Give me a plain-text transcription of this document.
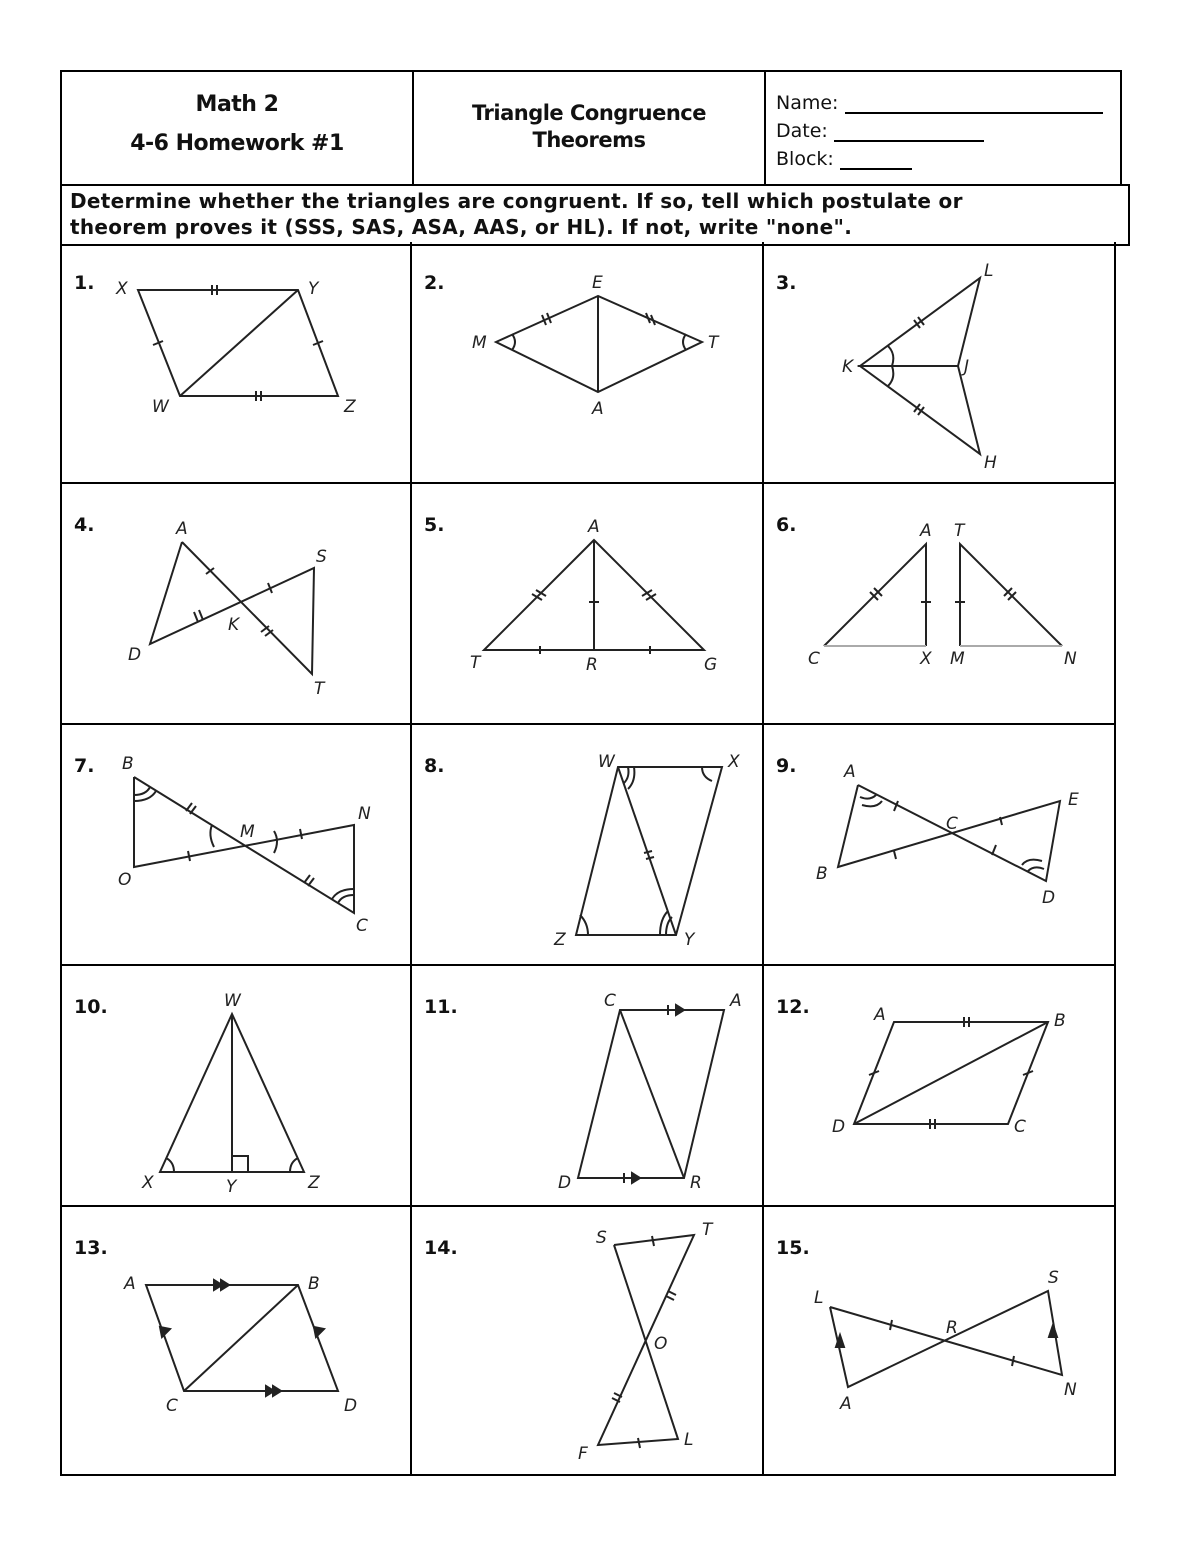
Math 2
4-6 Homework #1
Triangle Congruence
Theorems
Name:
Date:
Block:
Determine whether the triangles are congruent. If so, tell which postulate or
theorem proves it (SSS, SAS, ASA, AAS, or HL). If not, write "none".
1. X	Y
W	Z
2.	E
M	T
A
3.
L
K	J
H
4.	A
S
K
D
T
5.	A
T	R	G
6.	A T
C	X M	N
7. B
M
N
O
C
8.	W	X
Z	Y
9.	A
E
C
B
D
10.	W
X	Y	Z
11.	C	A
D	R
12.	A	B
D	C
13.
A	B
C	D
14.	S	T
O
F
L
15.
L
S
R
A
N
